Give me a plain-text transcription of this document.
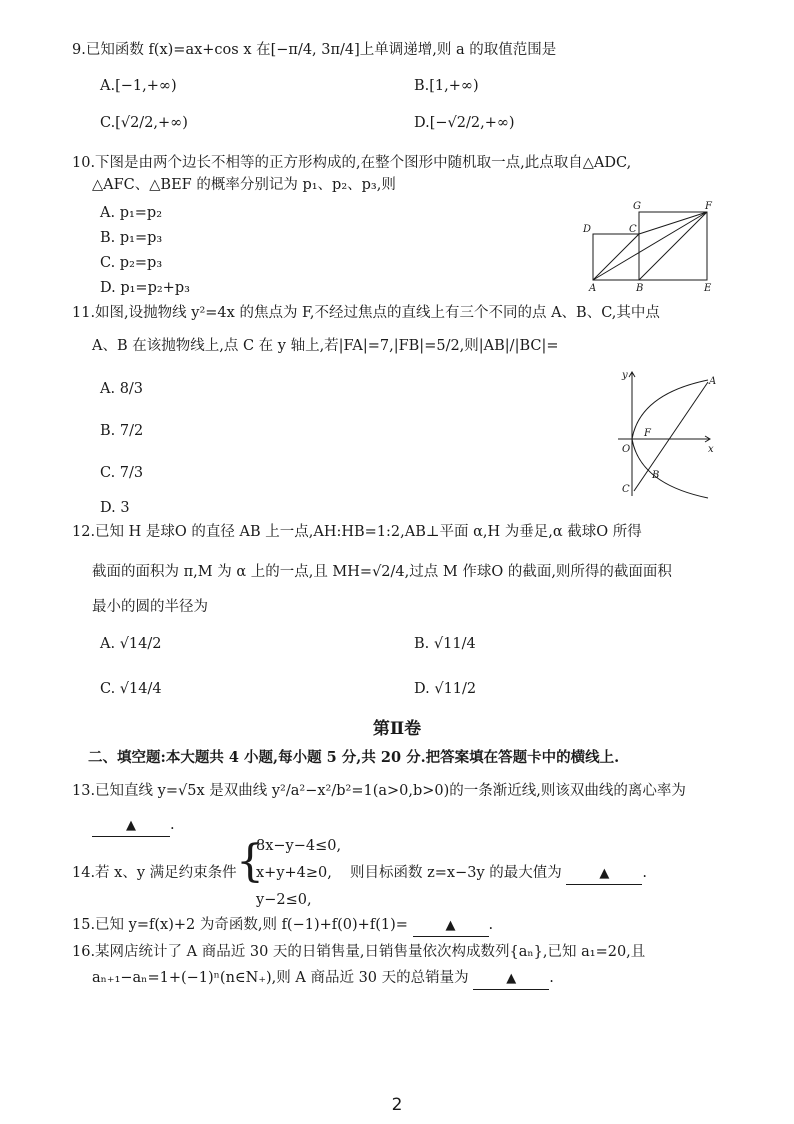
9.已知函数 f(x)=ax+cos x 在[−π/4, 3π/4]上单调递增,则 a 的取值范围是
A.[−1,+∞)	B.[1,+∞)
C.[√2/2,+∞)	D.[−√2/2,+∞)
10.下图是由两个边长不相等的正方形构成的,在整个图形中随机取一点,此点取自△ADC,
△AFC、△BEF 的概率分别记为 p₁、p₂、p₃,则
A. p₁=p₂
B. p₁=p₃
C. p₂=p₃
D. p₁=p₂+p₃
D
G
C
F
A	B	E
11.如图,设抛物线 y²=4x 的焦点为 F,不经过焦点的直线上有三个不同的点 A、B、C,其中点
A、B 在该抛物线上,点 C 在 y 轴上,若|FA|=7,|FB|=5/2,则|AB|/|BC|=
A. 8/3
B. 7/2
C. 7/3
D. 3
y
A
F
O	x
C
B
12.已知 H 是球O 的直径 AB 上一点,AH:HB=1:2,AB⊥平面 α,H 为垂足,α 截球O 所得
截面的面积为 π,M 为 α 上的一点,且 MH=√2/4,过点 M 作球O 的截面,则所得的截面面积
最小的圆的半径为
A. √14/2	B. √11/4
C. √14/4	D. √11/2
第Ⅱ卷
二、填空题:本大题共 4 小题,每小题 5 分,共 20 分.把答案填在答题卡中的横线上.
13.已知直线 y=√5x 是双曲线 y²/a²−x²/b²=1(a>0,b>0)的一条渐近线,则该双曲线的离心率为
▲ .
14.若 x、y 满足约束条件 {
8x−y−4≤0,
x+y+4≥0,
y−2≤0,
则目标函数 z=x−3y 的最大值为	▲ .
15.已知 y=f(x)+2 为奇函数,则 f(−1)+f(0)+f(1)=	▲ .
16.某网店统计了 A 商品近 30 天的日销售量,日销售量依次构成数列{aₙ},已知 a₁=20,且
aₙ₊₁−aₙ=1+(−1)ⁿ(n∈N₊),则 A 商品近 30 天的总销量为	▲ .
2
